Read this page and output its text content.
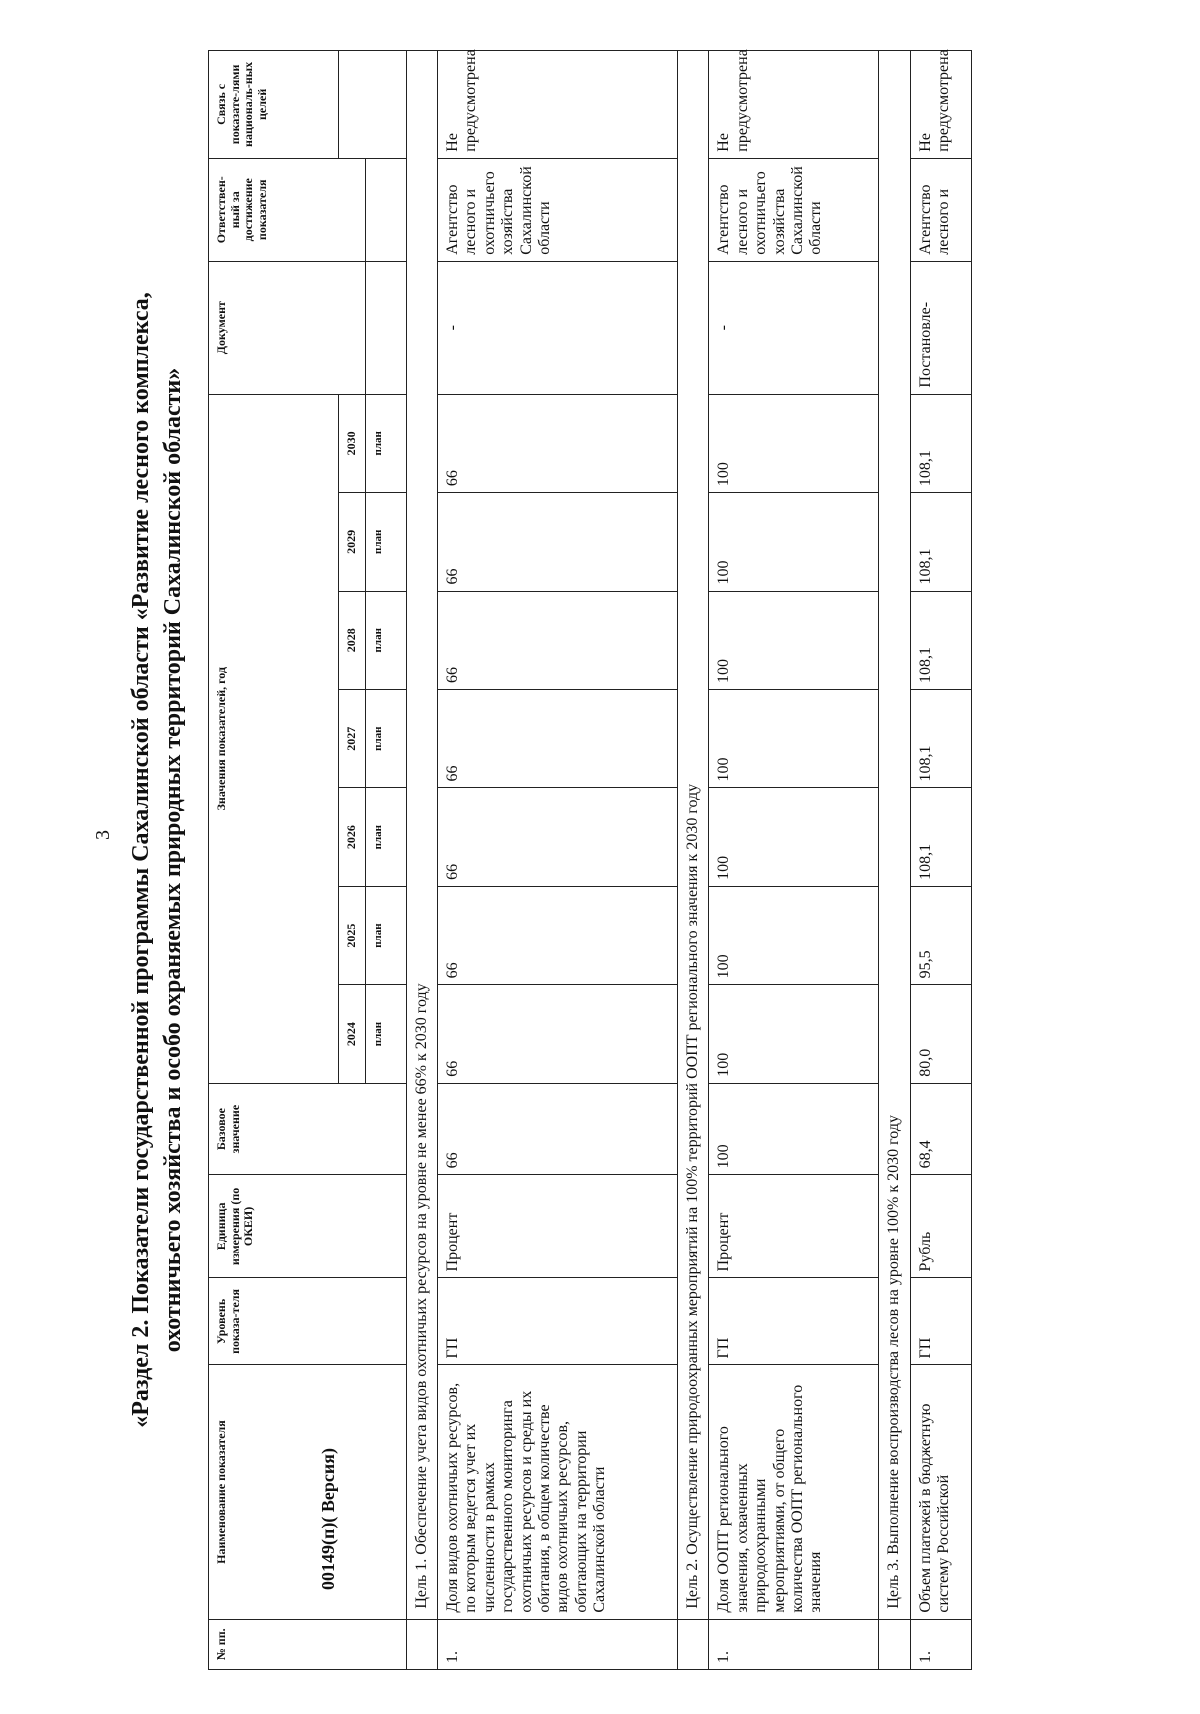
3
00149(п)( Версия)
«Раздел 2. Показатели государственной программы Сахалинской области «Развитие лесного комплекса, охотничьего хозяйства и особо охраняемых природных территорий Сахалинской области»
№ пп.	Наименование показателя	Уровень показа-теля	Единица измерения (по ОКЕИ)	Базовое значение	Значения показателей, год							Документ	Ответствен-ный за достижение показателя	Связь с показате-лями националь-ных целей
					2024	2025	2026	2027	2028	2029	2030			
					план	план	план	план	план	план	план			
	Цель 1. Обеспечение учета видов охотничьих ресурсов на уровне не менее 66% к 2030 году													
1.	Доля видов охотничьих ресурсов, по которым ведется учет их численности в рамках государственного мониторинга охотничьих ресурсов и среды их обитания, в общем количестве видов охотничьих ресурсов, обитающих на территории Сахалинской области	ГП	Процент	66	66	66	66	66	66	66	66	-	Агентство лесного и охотничьего хозяйства Сахалинской области	Не предусмотрена
	Цель 2. Осуществление природоохранных мероприятий на 100% территорий ООПТ регионального значения к 2030 году													
1.	Доля ООПТ регионального значения, охваченных природоохранными мероприятиями, от общего количества ООПТ регионального значения	ГП	Процент	100	100	100	100	100	100	100	100	-	Агентство лесного и охотничьего хозяйства Сахалинской области	Не предусмотрена
	Цель 3. Выполнение воспроизводства лесов на уровне 100% к 2030 году													
1.	Объем платежей в бюджетную систему Российской	ГП	Рубль	68,4	80,0	95,5	108,1	108,1	108,1	108,1	108,1	Постановле-	Агентство лесного и	Не предусмотрена
